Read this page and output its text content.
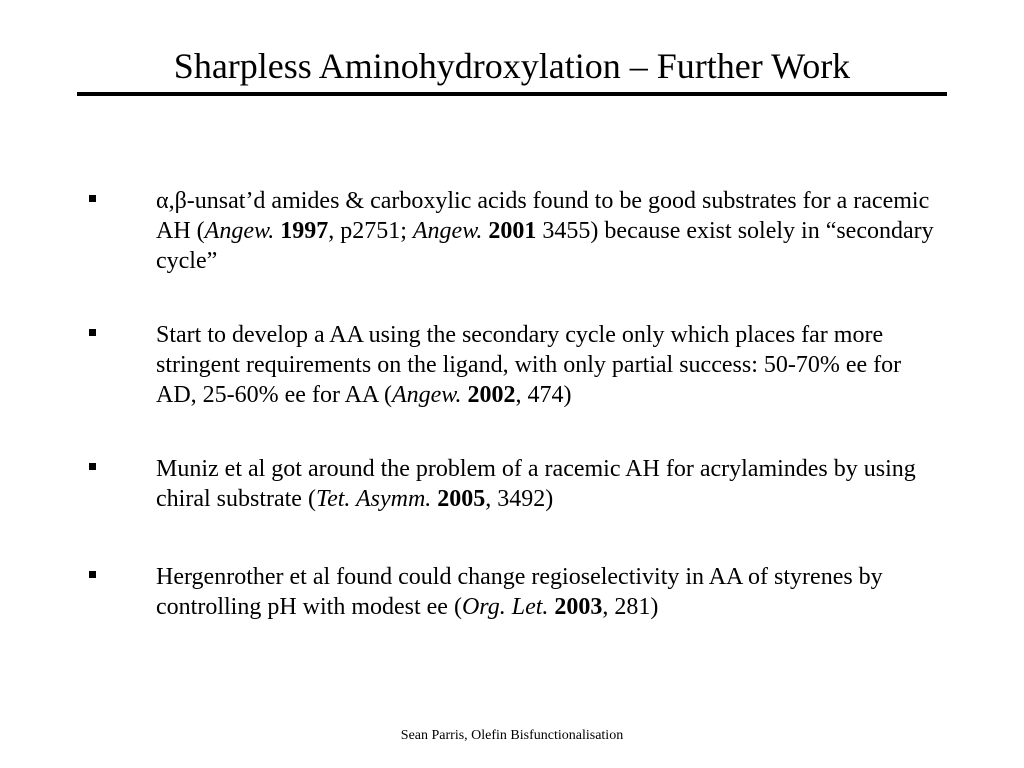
Sharpless Aminohydroxylation – Further Work
α,β-unsat’d amides & carboxylic acids found to be good substrates for a racemic AH (Angew. 1997, p2751; Angew. 2001 3455) because exist solely in “secondary cycle”
Start to develop a AA using the secondary cycle only which places far more stringent requirements on the ligand, with only partial success: 50-70% ee for AD, 25-60% ee for AA (Angew. 2002, 474)
Muniz et al got around the problem of a racemic AH for acrylamindes by using chiral substrate (Tet. Asymm. 2005, 3492)
Hergenrother et al found could change regioselectivity in AA of styrenes by controlling pH with modest ee (Org. Let. 2003, 281)
Sean Parris, Olefin Bisfunctionalisation
